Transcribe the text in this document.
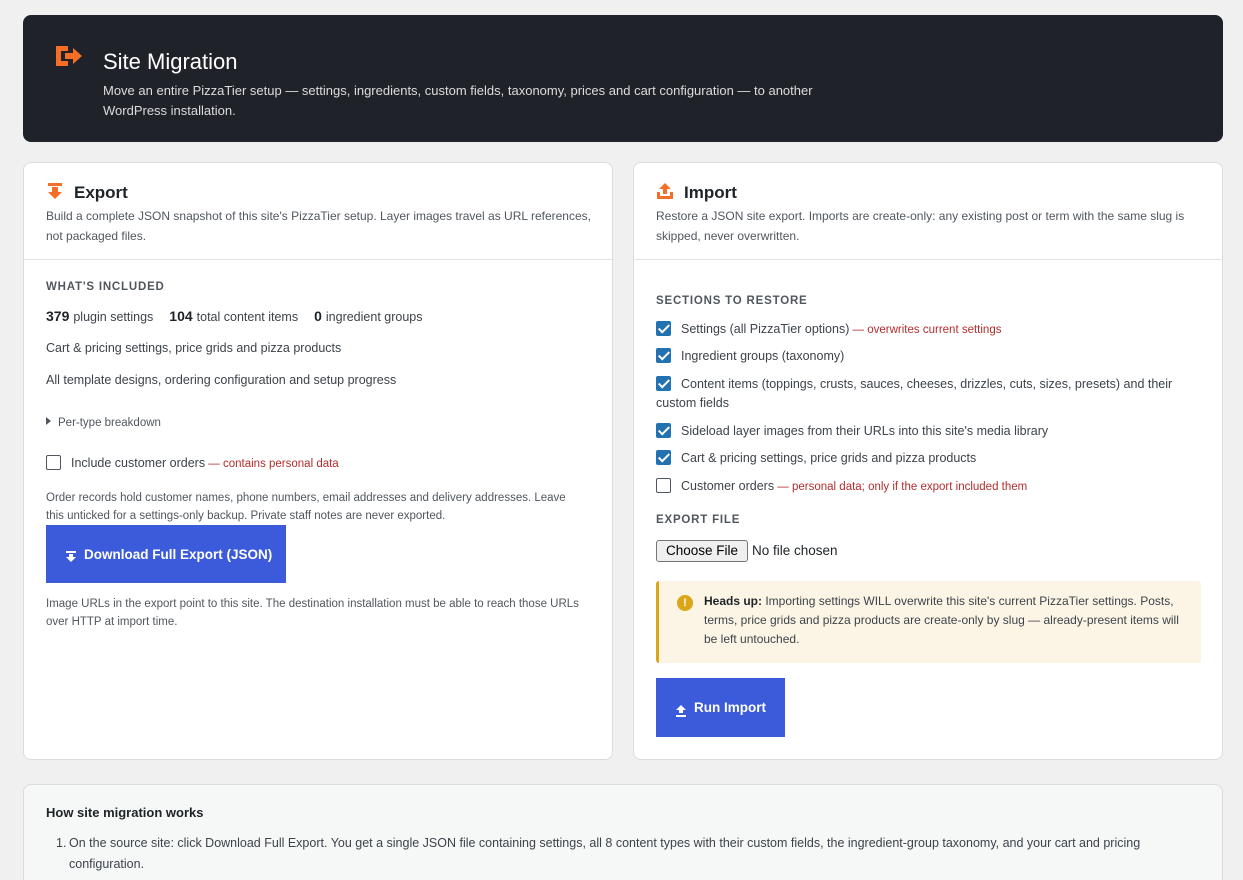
Site Migration
Move an entire PizzaTier setup — settings, ingredients, custom fields, taxonomy, prices and cart configuration — to another WordPress installation.
Export
Build a complete JSON snapshot of this site's PizzaTier setup. Layer images travel as URL references, not packaged files.
WHAT'S INCLUDED
379 plugin settings 104 total content items 0 ingredient groups
Cart & pricing settings, price grids and pizza products
All template designs, ordering configuration and setup progress
Per-type breakdown
Include customer orders — contains personal data
Order records hold customer names, phone numbers, email addresses and delivery addresses. Leave this unticked for a settings-only backup. Private staff notes are never exported.
Download Full Export (JSON)
Image URLs in the export point to this site. The destination installation must be able to reach those URLs over HTTP at import time.
Import
Restore a JSON site export. Imports are create-only: any existing post or term with the same slug is skipped, never overwritten.
SECTIONS TO RESTORE
Settings (all PizzaTier options) — overwrites current settings
Ingredient groups (taxonomy)
Content items (toppings, crusts, sauces, cheeses, drizzles, cuts, sizes, presets) and their custom fields
Sideload layer images from their URLs into this site's media library
Cart & pricing settings, price grids and pizza products
Customer orders — personal data; only if the export included them
EXPORT FILE
Choose File	No file chosen
!	Heads up: Importing settings WILL overwrite this site's current PizzaTier settings. Posts, terms, price grids and pizza products are create-only by slug — already-present items will be left untouched.
Run Import
How site migration works
1. On the source site: click Download Full Export. You get a single JSON file containing settings, all 8 content types with their custom fields, the ingredient-group taxonomy, and your cart and pricing configuration.
